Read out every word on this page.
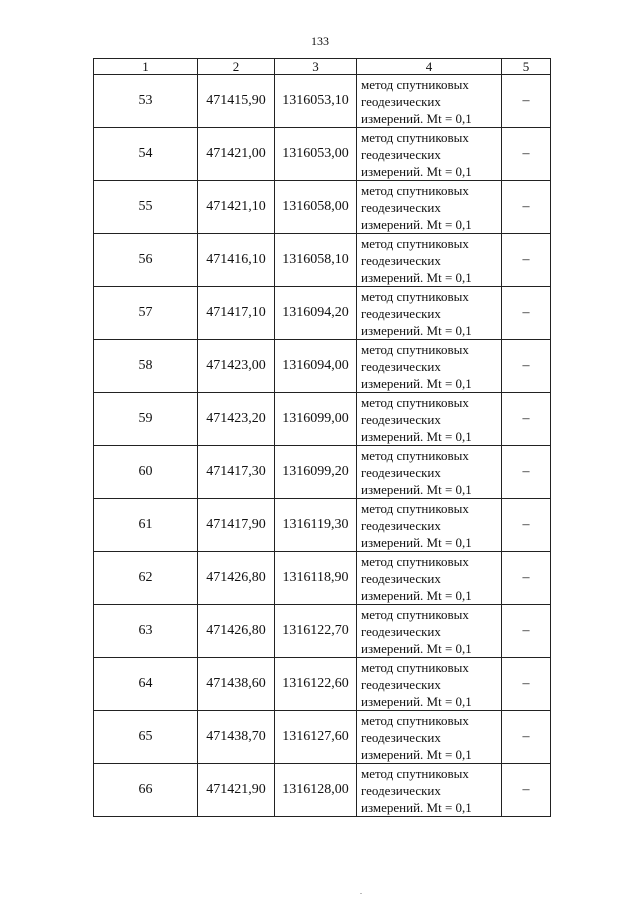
133
1	2	3	4	5
53	471415,90	1316053,10	метод спутниковых
геодезических
измерений. Mt = 0,1	–
54	471421,00	1316053,00	метод спутниковых
геодезических
измерений. Mt = 0,1	–
55	471421,10	1316058,00	метод спутниковых
геодезических
измерений. Mt = 0,1	–
56	471416,10	1316058,10	метод спутниковых
геодезических
измерений. Mt = 0,1	–
57	471417,10	1316094,20	метод спутниковых
геодезических
измерений. Mt = 0,1	–
58	471423,00	1316094,00	метод спутниковых
геодезических
измерений. Mt = 0,1	–
59	471423,20	1316099,00	метод спутниковых
геодезических
измерений. Mt = 0,1	–
60	471417,30	1316099,20	метод спутниковых
геодезических
измерений. Mt = 0,1	–
61	471417,90	1316119,30	метод спутниковых
геодезических
измерений. Mt = 0,1	–
62	471426,80	1316118,90	метод спутниковых
геодезических
измерений. Mt = 0,1	–
63	471426,80	1316122,70	метод спутниковых
геодезических
измерений. Mt = 0,1	–
64	471438,60	1316122,60	метод спутниковых
геодезических
измерений. Mt = 0,1	–
65	471438,70	1316127,60	метод спутниковых
геодезических
измерений. Mt = 0,1	–
66	471421,90	1316128,00	метод спутниковых
геодезических
измерений. Mt = 0,1	–
